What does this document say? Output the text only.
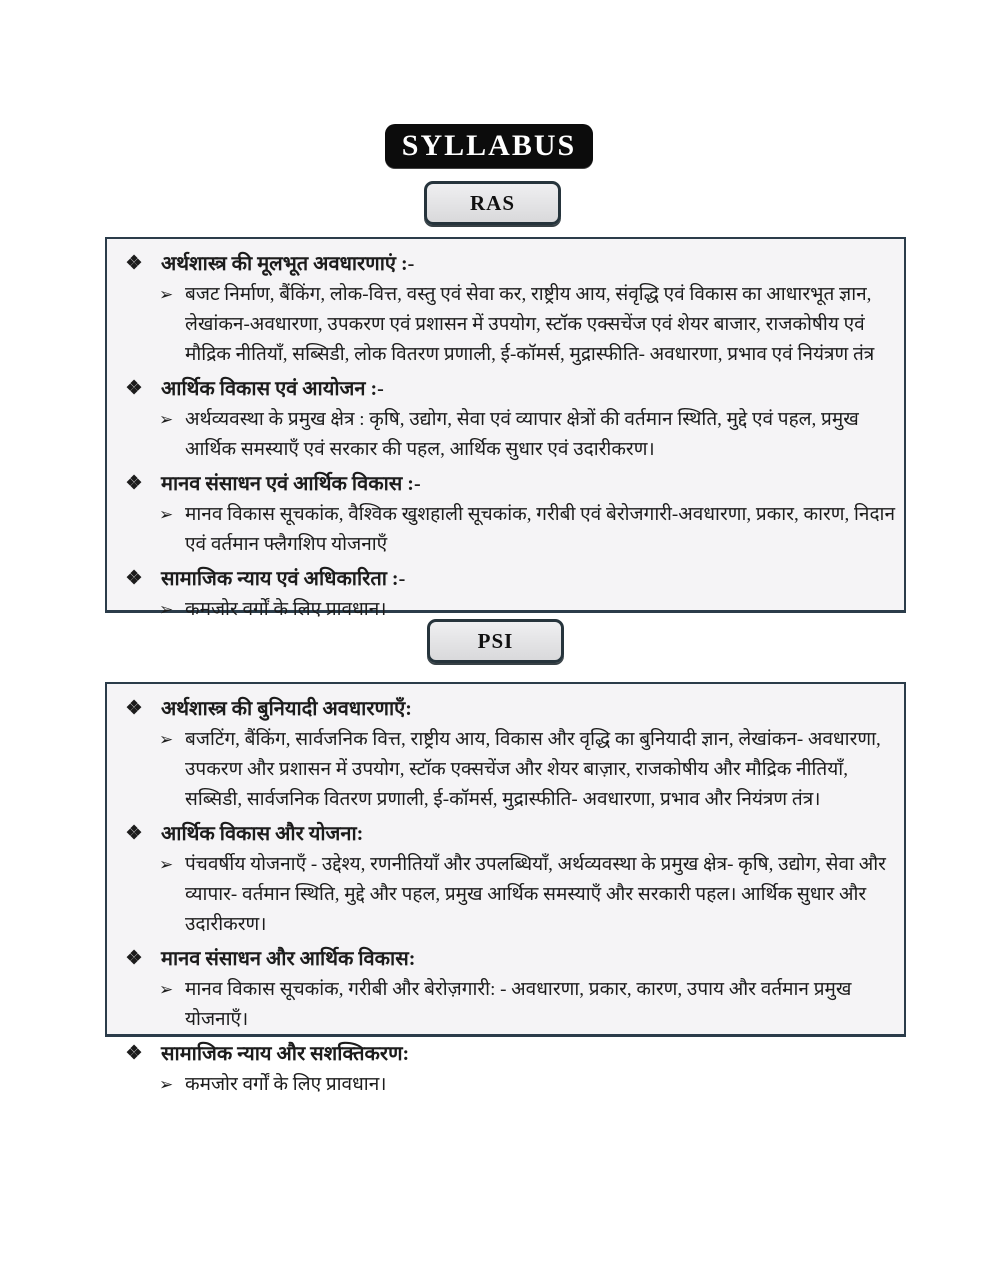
SYLLABUS
RAS
❖ अर्थशास्त्र की मूलभूत अवधारणाएं :-
➢ बजट निर्माण, बैंकिंग, लोक-वित्त, वस्तु एवं सेवा कर, राष्ट्रीय आय, संवृद्धि एवं विकास का आधारभूत ज्ञान, लेखांकन-अवधारणा, उपकरण एवं प्रशासन में उपयोग, स्टॉक एक्सचेंज एवं शेयर बाजार, राजकोषीय एवं मौद्रिक नीतियाँ, सब्सिडी, लोक वितरण प्रणाली, ई-कॉमर्स, मुद्रास्फीति- अवधारणा, प्रभाव एवं नियंत्रण तंत्र
❖ आर्थिक विकास एवं आयोजन :-
➢ अर्थव्यवस्था के प्रमुख क्षेत्र : कृषि, उद्योग, सेवा एवं व्यापार क्षेत्रों की वर्तमान स्थिति, मुद्दे एवं पहल, प्रमुख आर्थिक समस्याएँ एवं सरकार की पहल, आर्थिक सुधार एवं उदारीकरण।
❖ मानव संसाधन एवं आर्थिक विकास :-
➢ मानव विकास सूचकांक, वैश्विक खुशहाली सूचकांक, गरीबी एवं बेरोजगारी-अवधारणा, प्रकार, कारण, निदान एवं वर्तमान फ्लैगशिप योजनाएँ
❖ सामाजिक न्याय एवं अधिकारिता :-
➢ कमजोर वर्गों के लिए प्रावधान।
PSI
❖ अर्थशास्त्र की बुनियादी अवधारणाएँ:
➢ बजटिंग, बैंकिंग, सार्वजनिक वित्त, राष्ट्रीय आय, विकास और वृद्धि का बुनियादी ज्ञान, लेखांकन- अवधारणा, उपकरण और प्रशासन में उपयोग, स्टॉक एक्सचेंज और शेयर बाज़ार, राजकोषीय और मौद्रिक नीतियाँ, सब्सिडी, सार्वजनिक वितरण प्रणाली, ई-कॉमर्स, मुद्रास्फीति- अवधारणा, प्रभाव और नियंत्रण तंत्र।
❖ आर्थिक विकास और योजना:
➢ पंचवर्षीय योजनाएँ - उद्देश्य, रणनीतियाँ और उपलब्धियाँ, अर्थव्यवस्था के प्रमुख क्षेत्र- कृषि, उद्योग, सेवा और व्यापार- वर्तमान स्थिति, मुद्दे और पहल, प्रमुख आर्थिक समस्याएँ और सरकारी पहल। आर्थिक सुधार और उदारीकरण।
❖ मानव संसाधन और आर्थिक विकास:
➢ मानव विकास सूचकांक, गरीबी और बेरोज़गारी: - अवधारणा, प्रकार, कारण, उपाय और वर्तमान प्रमुख योजनाएँ।
❖ सामाजिक न्याय और सशक्तिकरण:
➢ कमजोर वर्गों के लिए प्रावधान।
